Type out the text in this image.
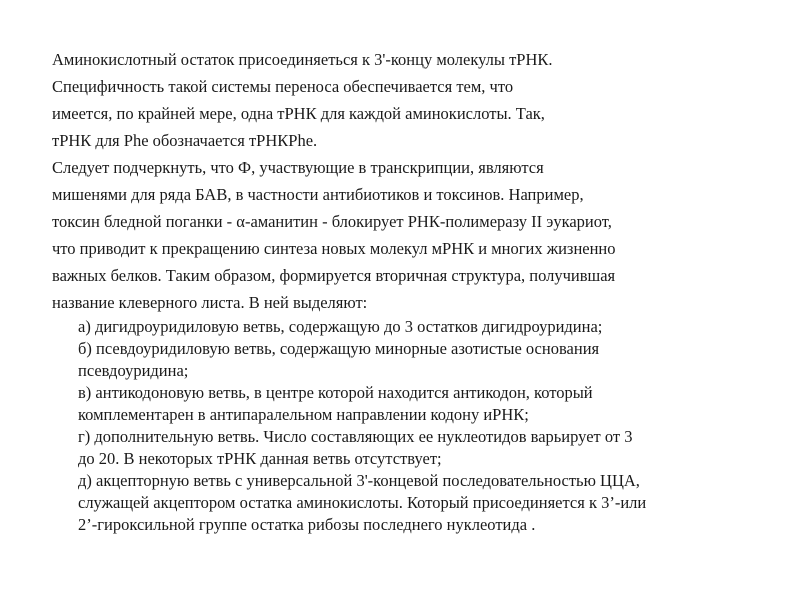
Аминокислотный остаток присоединяеться к 3'-концу молекулы тРНК.
Специфичность такой системы переноса обеспечивается тем, что
имеется, по крайней мере, одна тРНК для каждой аминокислоты. Так,
тРНК для Phe обозначается тРНКPhe.
Следует подчеркнуть, что Ф, участвующие в транскрипции, являются
мишенями для ряда БАВ, в частности антибиотиков и токсинов. Например,
токсин бледной поганки - α-аманитин - блокирует РНК-полимеразу II эукариот,
что приводит к прекращению синтеза новых молекул мРНК и многих жизненно
важных белков. Таким образом, формируется вторичная структура, получившая
название клеверного листа. В ней выделяют:
а) дигидроуридиловую ветвь, содержащую до 3 остатков дигидроуридина;
б) псевдоуридиловую ветвь, содержащую минорные азотистые основания
псевдоуридина;
в) антикодоновую ветвь, в центре которой находится антикодон, который
комплементарен в антипаралельном направлении кодону иРНК;
г) дополнительную ветвь. Число составляющих ее нуклеотидов варьирует от 3
до 20. В некоторых тРНК данная ветвь отсутствует;
д) акцепторную ветвь с универсальной 3'-концевой последовательностью ЦЦА,
служащей акцептором остатка аминокислоты. Который присоединяется к 3’-или
2’-гироксильной группе остатка рибозы последнего нуклеотида .
